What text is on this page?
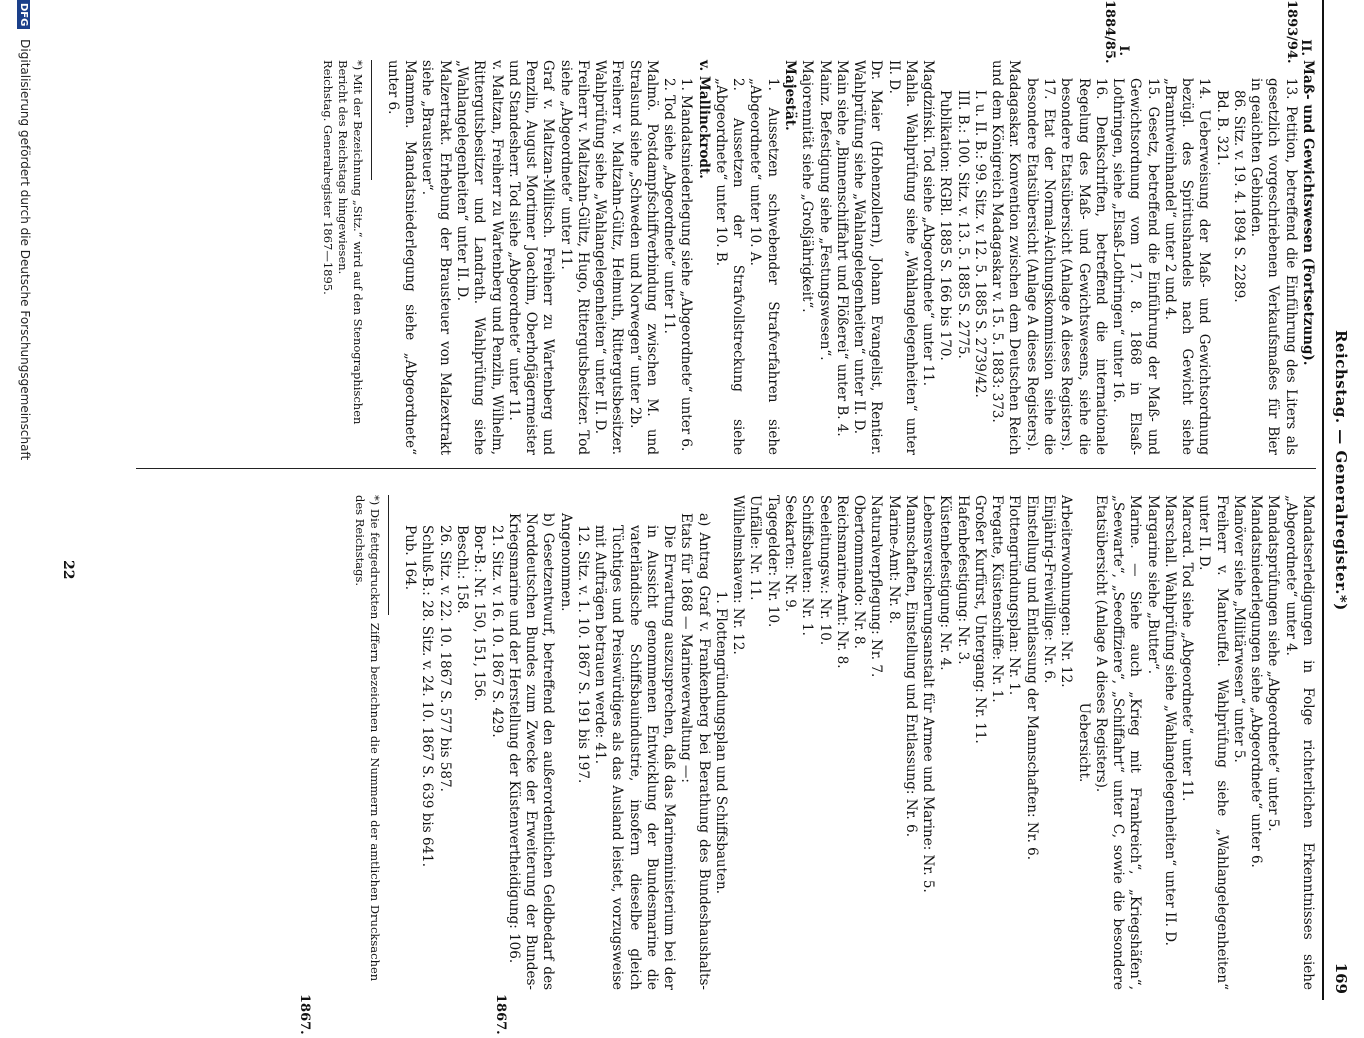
Reichstag. — Generalregister.*)
169
II. 1893/94.
I. 1884/85.
Maß- und Gewichtswesen (Fortsetzung).
13. Petition, betreffend die Einführung des Liters als gesetzlich vorgeschriebenen Verkaufsmaßes für Bier in geaichten Gebinden.
86. Sitz. v. 19. 4. 1894 S. 2289.
Bd. B. 321.
14. Ueberweisung der Maß- und Gewichtsordnung bezügl. des Spiritushandels nach Gewicht siehe „Branntweinhandel“ unter 2 und 4.
15. Gesetz, betreffend die Einführung der Maß- und Gewichtsordnung vom 17. 8. 1868 in Elsaß-Lothringen, siehe „Elsaß-Lothringen“ unter 16.
16. Denkschriften, betreffend die internationale Regelung des Maß- und Gewichtswesens, siehe die besondere Etatsübersicht (Anlage A dieses Registers).
17. Etat der Normal-Aichungskommission siehe die besondere Etatsübersicht (Anlage A dieses Registers).
Madagaskar. Konvention zwischen dem Deutschen Reich und dem Königreich Madagaskar v. 15. 5. 1883: 373.
I. u. II. B.: 99. Sitz. v. 12. 5. 1885 S. 2739/42.
III. B.: 100. Sitz. v. 13. 5. 1885 S. 2775.
Publikation: RGBl. 1885 S. 166 bis 170.
Magdziński. Tod siehe „Abgeordnete“ unter 11.
Mahla. Wahlprüfung siehe „Wahlangelegenheiten“ unter II. D.
Dr. Maier (Hohenzollern), Johann Evangelist, Rentier. Wahlprüfung siehe „Wahlangelegenheiten“ unter II. D.
Main siehe „Binnenschiffahrt und Flößerei“ unter B. 4.
Mainz. Befestigung siehe „Festungswesen“.
Majorennität siehe „Großjährigkeit“.
Majestät.
1. Aussetzen schwebender Strafverfahren siehe „Abgeordnete“ unter 10. A.
2. Aussetzen der Strafvollstreckung siehe „Abgeordnete“ unter 10. B.
v. Mallinckrodt.
1. Mandatsniederlegung siehe „Abgeordnete“ unter 6.
2. Tod siehe „Abgeordnete“ unter 11.
Malmö. Postdampfschiffverbindung zwischen M. und Stralsund siehe „Schweden und Norwegen“ unter 2b.
Freiherr v. Maltzahn-Gültz, Helmuth, Rittergutsbesitzer. Wahlprüfung siehe „Wahlangelegenheiten“ unter II. D.
Freiherr v. Maltzahn-Gültz, Hugo, Rittergutsbesitzer. Tod siehe „Abgeordnete“ unter 11.
Graf v. Maltzan-Militsch. Freiherr zu Wartenberg und Penzlin, August Mortimer Joachim, Oberhofjägermeister und Standesherr. Tod siehe „Abgeordnete“ unter 11.
v. Maltzan, Freiherr zu Wartenberg und Penzlin, Wilhelm, Rittergutsbesitzer und Landrath. Wahlprüfung siehe „Wahlangelegenheiten“ unter II. D.
Malzertrakt. Erhebung der Brausteuer von Malzextrakt siehe „Brausteuer“.
Mammen. Mandatsniederlegung siehe „Abgeordnete“ unter 6.
*) Mit der Bezeichnung „Sitz.“ wird auf den Stenographischen Bericht des Reichstags hingewiesen.
Reichstag. Generalregister 1867—1895.
1867.
1867.
Mandatserledigungen in Folge richterlichen Erkenntnisses siehe „Abgeordnete“ unter 4.
Mandatsprüfungen siehe „Abgeordnete“ unter 5.
Mandatsniederlegungen siehe „Abgeordnete“ unter 6.
Manöver siehe „Militärwesen“ unter 5.
Freiherr v. Manteuffel. Wahlprüfung siehe „Wahlangelegenheiten“ unter II. D.
Marcard. Tod siehe „Abgeordnete“ unter 11.
Marschall. Wahlprüfung siehe „Wahlangelegenheiten“ unter II. D.
Margarine siehe „Butter“.
Marine. — Siehe auch „Krieg mit Frankreich“, „Kriegshäfen“, „Seewarte“, „Seeoffiziere“, „Schiffahrt“ unter C, sowie die besondere Etatsübersicht (Anlage A dieses Registers).
Uebersicht.
Arbeiterwohnungen: Nr. 12.
Einjährig-Freiwillige: Nr. 6.
Einstellung und Entlassung der Mannschaften: Nr. 6.
Flottengründungsplan: Nr. 1.
Fregatte, Küstenschiffe: Nr. 1.
Großer Kurfürst, Untergang: Nr. 11.
Hafenbefestigung: Nr. 3.
Küstenbefestigung: Nr. 4.
Lebensversicherungsanstalt für Armee und Marine: Nr. 5.
Mannschaften, Einstellung und Entlassung: Nr. 6.
Marine-Amt: Nr. 8.
Naturalverpflegung: Nr. 7.
Obertommando: Nr. 8.
Reichsmarine-Amt: Nr. 8.
Seeleitungsw.: Nr. 10.
Schiffsbauten: Nr. 1.
Seekarten: Nr. 9.
Tagegelder: Nr. 10.
Unfälle: Nr. 11.
Wilhelmshaven: Nr. 12.
1. Flottengründungsplan und Schiffsbauten.
a) Antrag Graf v. Frankenberg bei Berathung des Bundeshaushalts-Etats für 1868 — Marineverwaltung —:
Die Erwartung auszusprechen, daß das Marineministerium bei der in Aussicht genommenen Entwicklung der Bundesmarine die vaterländische Schiffsbauindustrie, insofern dieselbe gleich Tüchtiges und Preiswürdiges als das Ausland leistet, vorzugsweise mit Aufträgen betrauen werde: 41.
12. Sitz. v. 1. 10. 1867 S. 191 bis 197.
Angenommen.
b) Gesetzentwurf, betreffend den außerordentlichen Geldbedarf des Norddeutschen Bundes zum Zwecke der Erweiterung der Bundes-Kriegsmarine und der Herstellung der Küstenvertheidigung: 106.
21. Sitz. v. 16. 10. 1867 S. 429.
Bor-B.: Nr. 150, 151, 156.
Beschl.: 158.
26. Sitz. v. 22. 10. 1867 S. 577 bis 587.
Schluß-B.: 28. Sitz. v. 24. 10. 1867 S. 639 bis 641.
Pub. 164.
*) Die fettgedruckten Ziffern bezeichnen die Nummern der amtlichen Drucksachen des Reichstags.
22
DFG Digitalisierung gefördert durch die Deutsche Forschungsgemeinschaft
